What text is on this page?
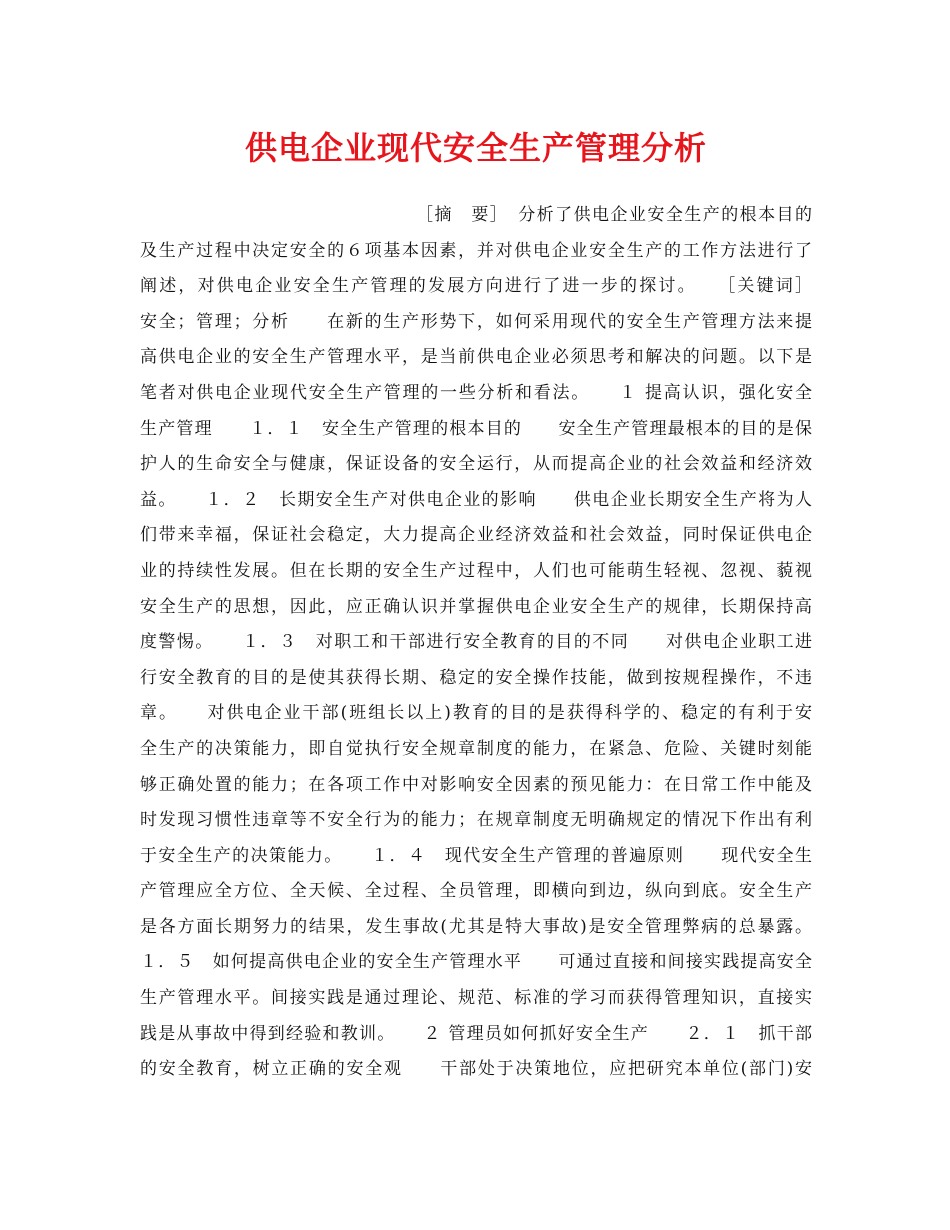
供电企业现代安全生产管理分析
［摘　要］　分析了供电企业安全生产的根本目的
及生产过程中决定安全的６项基本因素，并对供电企业安全生产的工作方法进行了
阐述，对供电企业安全生产管理的发展方向进行了进一步的探讨。　　［关键词］
安全；管理；分析　　在新的生产形势下，如何采用现代的安全生产管理方法来提
高供电企业的安全生产管理水平，是当前供电企业必须思考和解决的问题。以下是
笔者对供电企业现代安全生产管理的一些分析和看法。　　１ 提高认识，强化安全
生产管理　　１．１　安全生产管理的根本目的　　安全生产管理最根本的目的是保
护人的生命安全与健康，保证设备的安全运行，从而提高企业的社会效益和经济效
益。　　１．２　长期安全生产对供电企业的影响　　供电企业长期安全生产将为人
们带来幸福，保证社会稳定，大力提高企业经济效益和社会效益，同时保证供电企
业的持续性发展。但在长期的安全生产过程中，人们也可能萌生轻视、忽视、藐视
安全生产的思想，因此，应正确认识并掌握供电企业安全生产的规律，长期保持高
度警惕。　　１．３　对职工和干部进行安全教育的目的不同　　对供电企业职工进
行安全教育的目的是使其获得长期、稳定的安全操作技能，做到按规程操作，不违
章。　　对供电企业干部(班组长以上)教育的目的是获得科学的、稳定的有利于安
全生产的决策能力，即自觉执行安全规章制度的能力，在紧急、危险、关键时刻能
够正确处置的能力；在各项工作中对影响安全因素的预见能力：在日常工作中能及
时发现习惯性违章等不安全行为的能力；在规章制度无明确规定的情况下作出有利
于安全生产的决策能力。　　１．４　现代安全生产管理的普遍原则　　现代安全生
产管理应全方位、全天候、全过程、全员管理，即横向到边，纵向到底。安全生产
是各方面长期努力的结果，发生事故(尤其是特大事故)是安全管理弊病的总暴露。
１．５　如何提高供电企业的安全生产管理水平　　可通过直接和间接实践提高安全
生产管理水平。间接实践是通过理论、规范、标准的学习而获得管理知识，直接实
践是从事故中得到经验和教训。　　２ 管理员如何抓好安全生产　　２．１　抓干部
的安全教育，树立正确的安全观　　干部处于决策地位，应把研究本单位(部门)安
